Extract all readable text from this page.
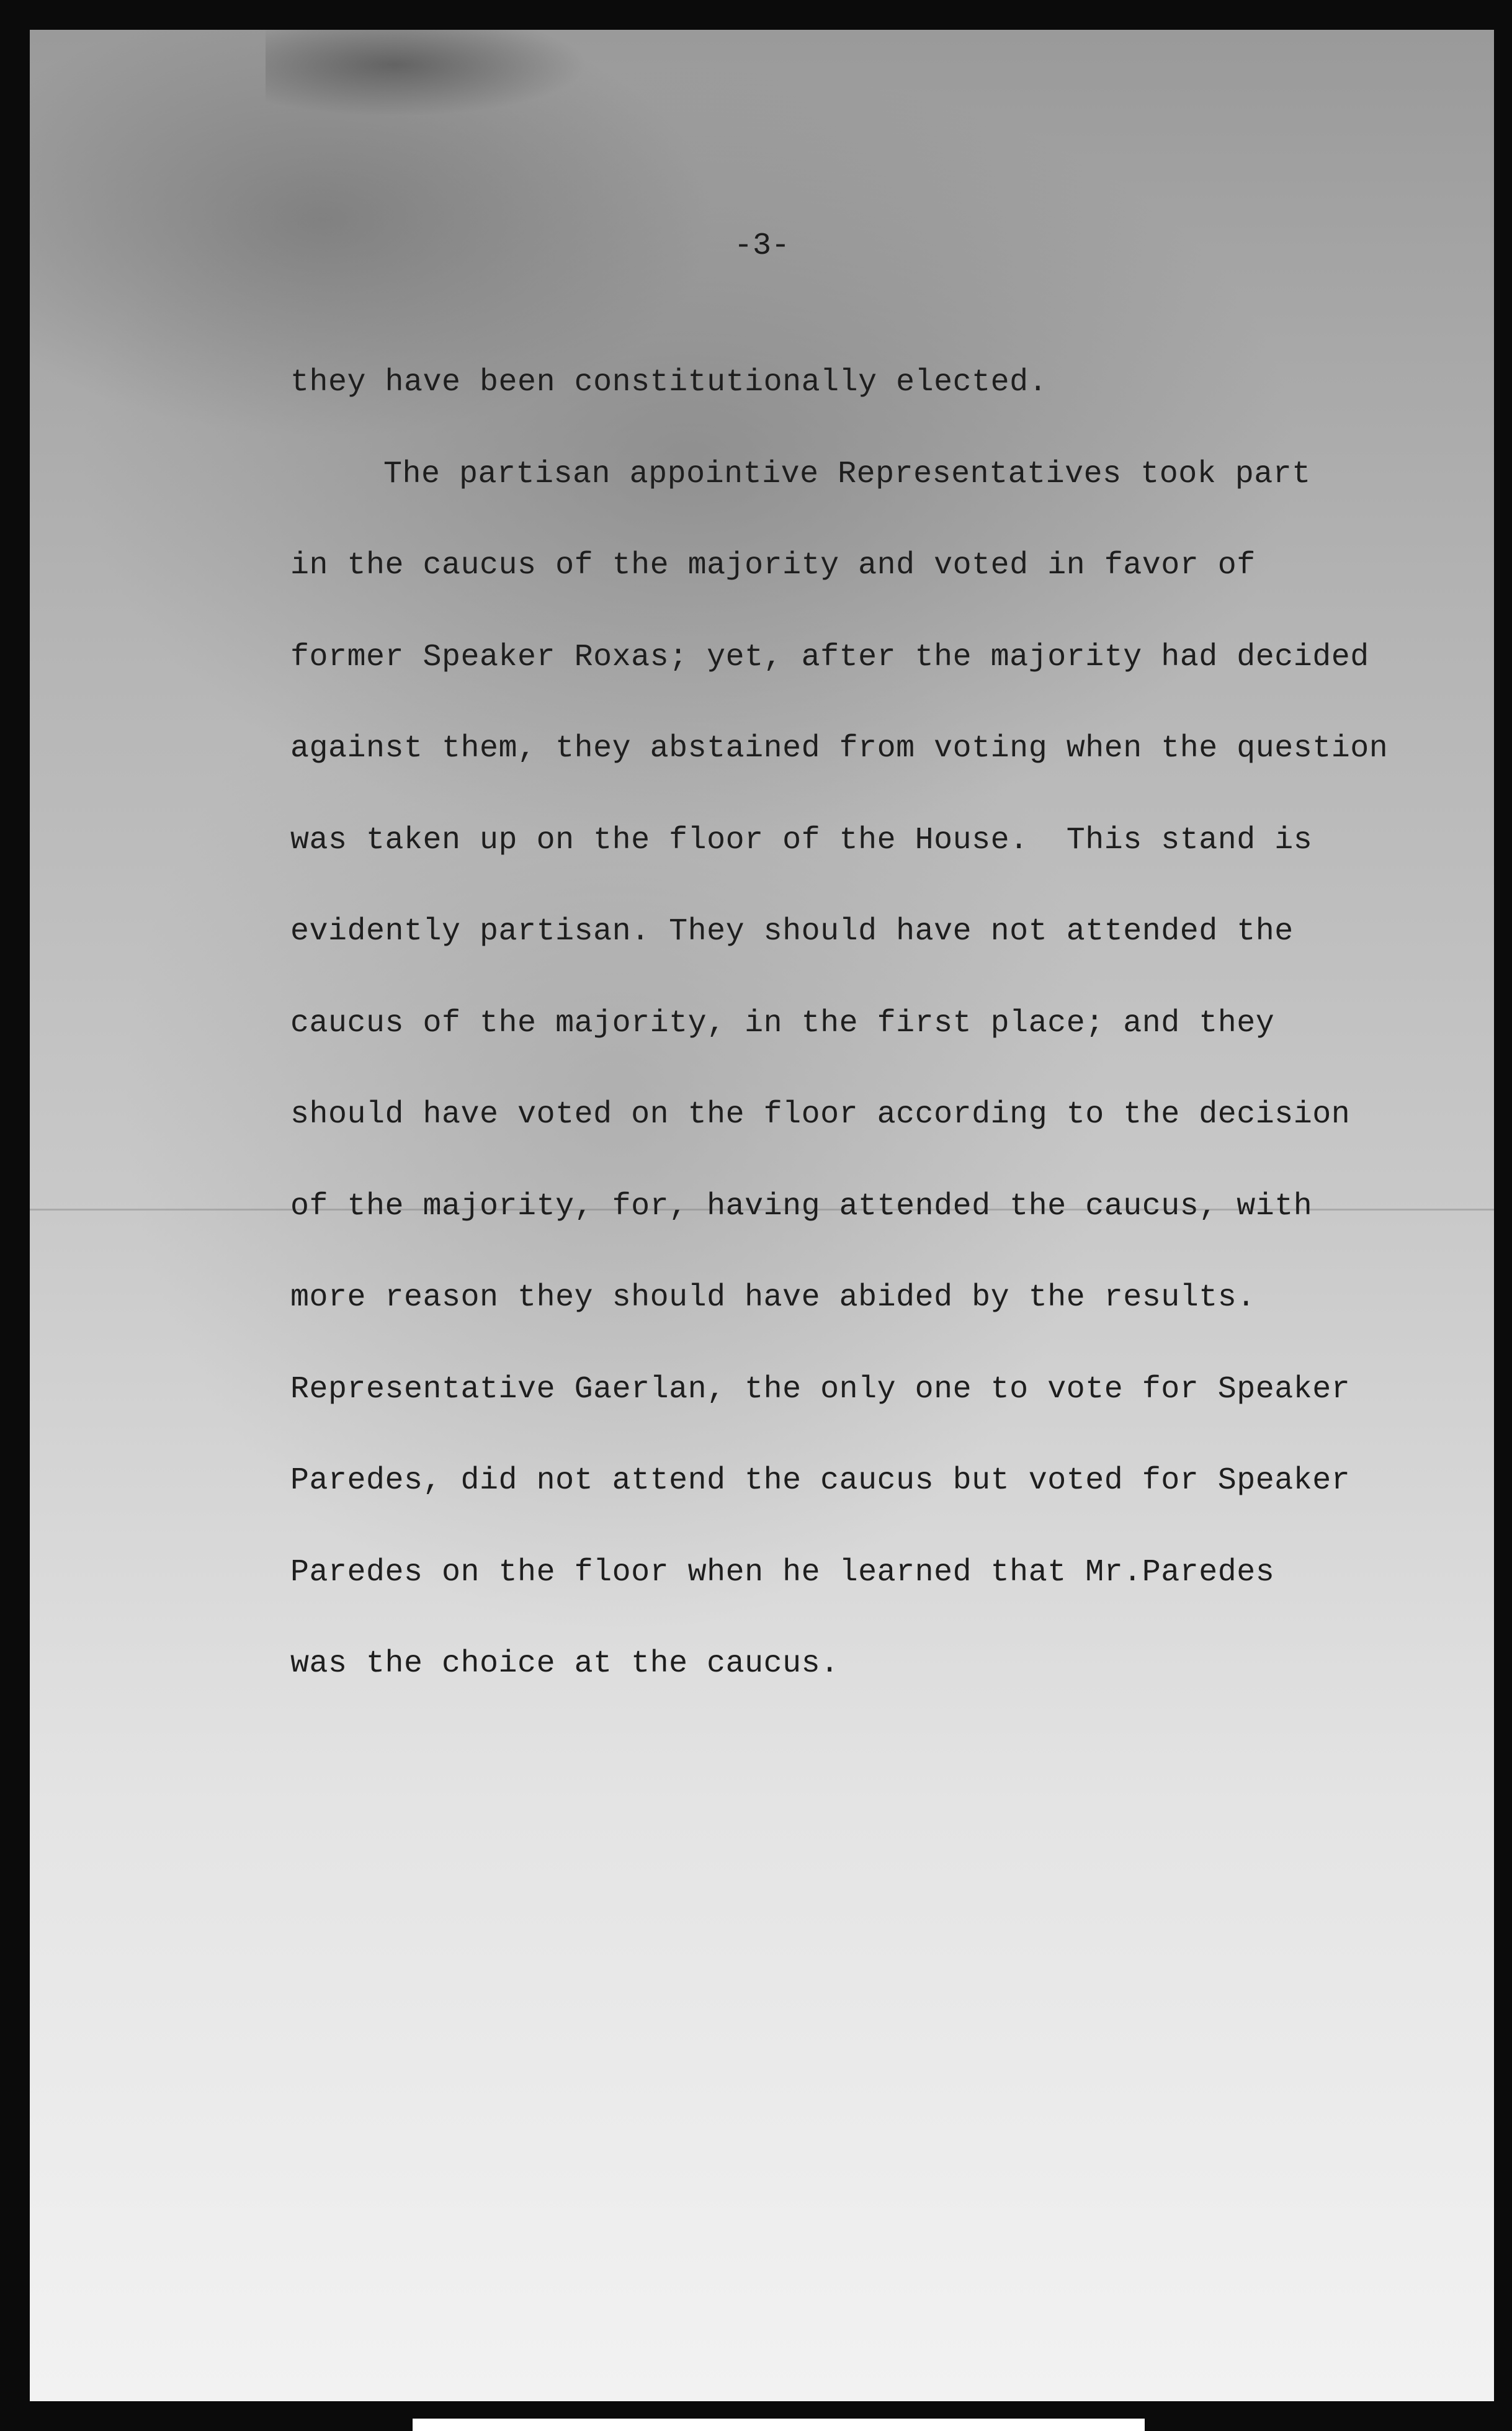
-3-
they have been constitutionally elected.
The partisan appointive Representatives took part
in the caucus of the majority and voted in favor of
former Speaker Roxas; yet, after the majority had decided
against them, they abstained from voting when the question
was taken up on the floor of the House.  This stand is
evidently partisan. They should have not attended the
caucus of the majority, in the first place; and they
should have voted on the floor according to the decision
of the majority, for, having attended the caucus, with
more reason they should have abided by the results.
Representative Gaerlan, the only one to vote for Speaker
Paredes, did not attend the caucus but voted for Speaker
Paredes on the floor when he learned that Mr.Paredes
was the choice at the caucus.
